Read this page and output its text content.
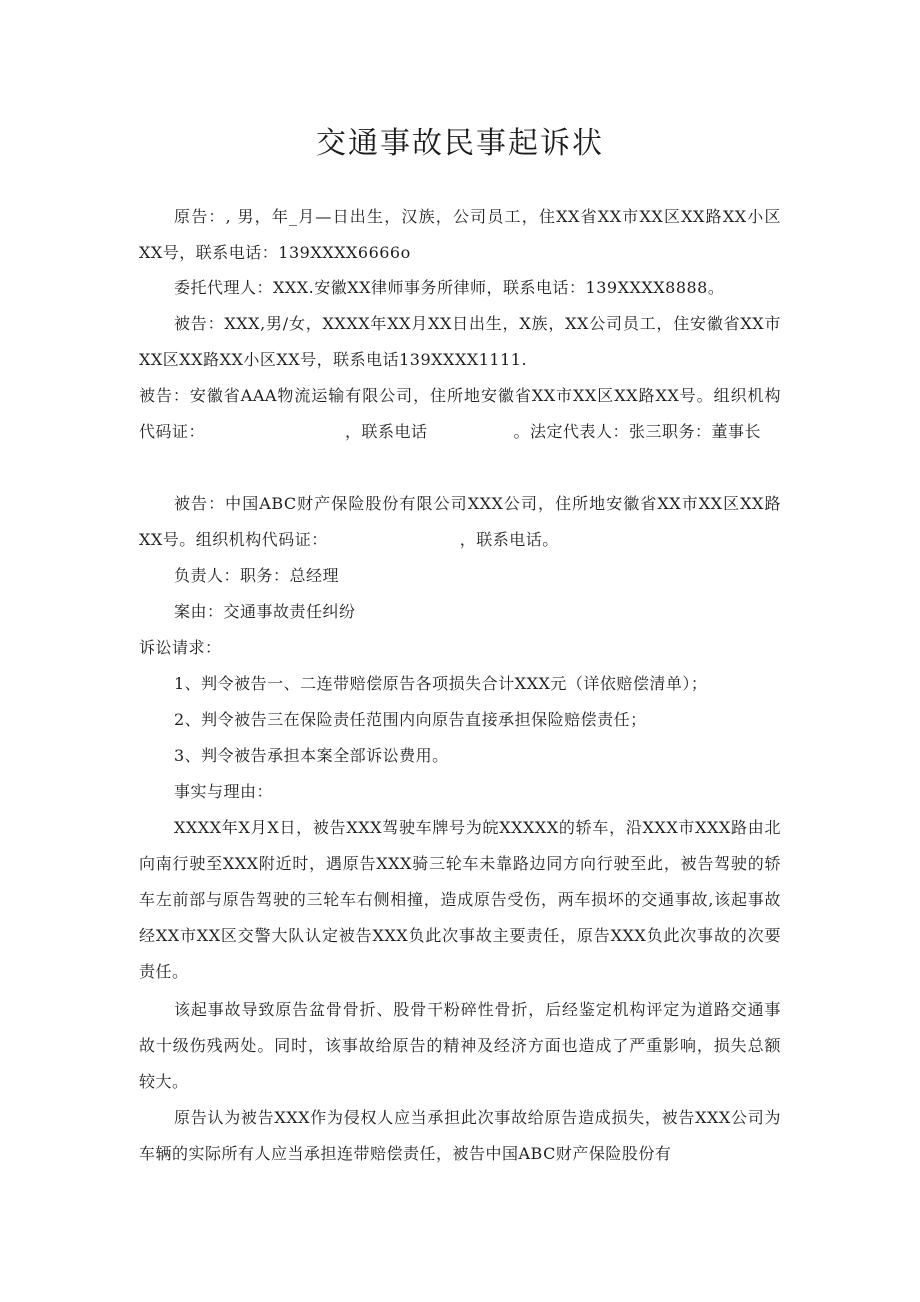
交通事故民事起诉状

原告：, 男，年_月—日出生，汉族，公司员工，住XX省XX市XX区XX路XX小区XX号，联系电话：139XXXX6666o

委托代理人：XXX.安徽XX律师事务所律师，联系电话：139XXXX8888。

被告：XXX,男/女，XXXX年XX月XX日出生，X族，XX公司员工，住安徽省XX市XX区XX路XX小区XX号，联系电话139XXXX1111.

被告：安徽省AAA物流运输有限公司，住所地安徽省XX市XX区XX路XX号。组织机构代码证：	，联系电话	。法定代表人：张三职务：董事长

被告：中国ABC财产保险股份有限公司XXX公司，住所地安徽省XX市XX区XX路XX号。组织机构代码证：	，联系电话。

负责人：职务：总经理

案由：交通事故责任纠纷

诉讼请求：

1、判令被告一、二连带赔偿原告各项损失合计XXX元（详依赔偿清单）；

2、判令被告三在保险责任范围内向原告直接承担保险赔偿责任；

3、判令被告承担本案全部诉讼费用。

事实与理由：

XXXX年X月X日，被告XXX驾驶车牌号为皖XXXXX的轿车，沿XXX市XXX路由北向南行驶至XXX附近时，遇原告XXX骑三轮车未靠路边同方向行驶至此，被告驾驶的轿车左前部与原告驾驶的三轮车右侧相撞，造成原告受伤，两车损坏的交通事故,该起事故经XX市XX区交警大队认定被告XXX负此次事故主要责任，原告XXX负此次事故的次要责任。

该起事故导致原告盆骨骨折、股骨干粉碎性骨折，后经鉴定机构评定为道路交通事故十级伤残两处。同时，该事故给原告的精神及经济方面也造成了严重影响，损失总额较大。

原告认为被告XXX作为侵权人应当承担此次事故给原告造成损失，被告XXX公司为车辆的实际所有人应当承担连带赔偿责任，被告中国ABC财产保险股份有
